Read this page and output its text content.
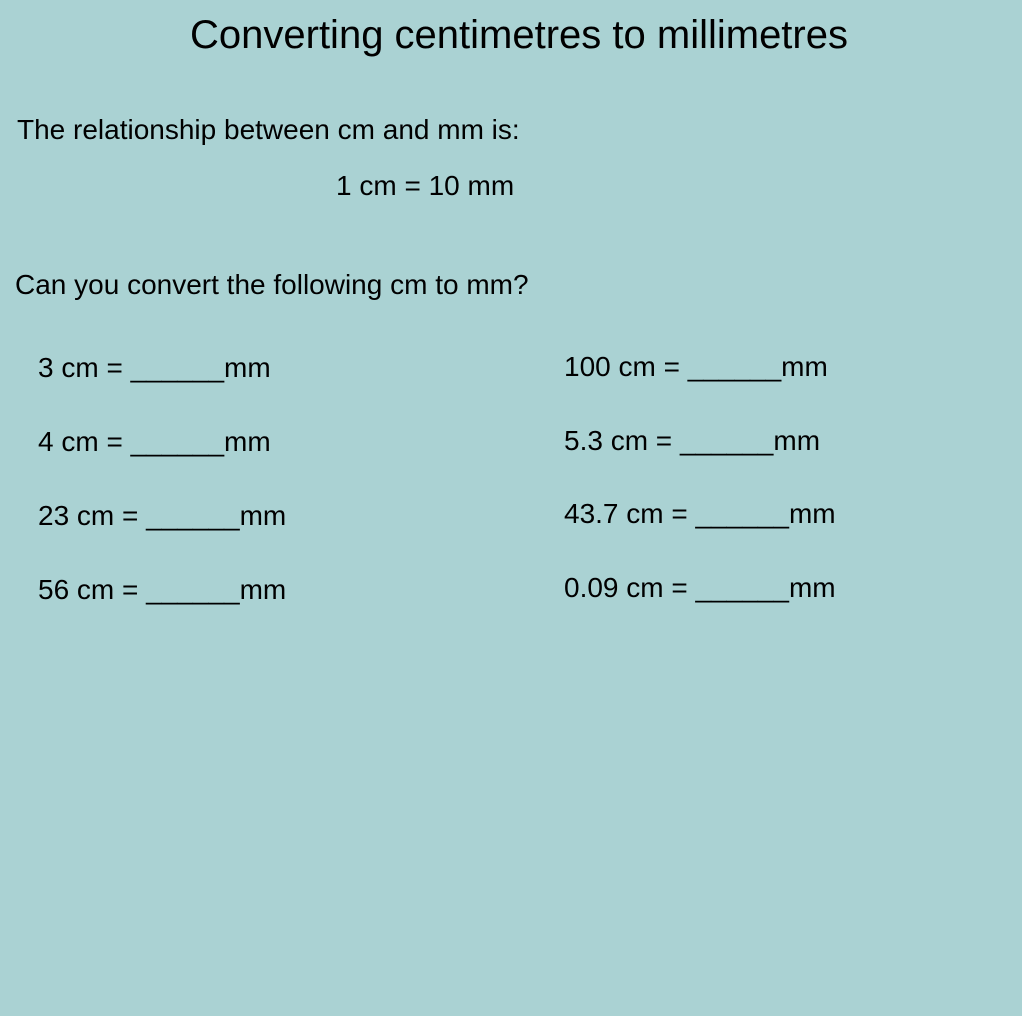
Converting centimetres to millimetres
The relationship between cm and mm is:
1 cm = 10 mm
Can you convert the following cm to mm?
3 cm = ______mm
4 cm = ______mm
23 cm = ______mm
56 cm = ______mm
100 cm = ______mm
5.3 cm = ______mm
43.7 cm = ______mm
0.09 cm = ______mm
